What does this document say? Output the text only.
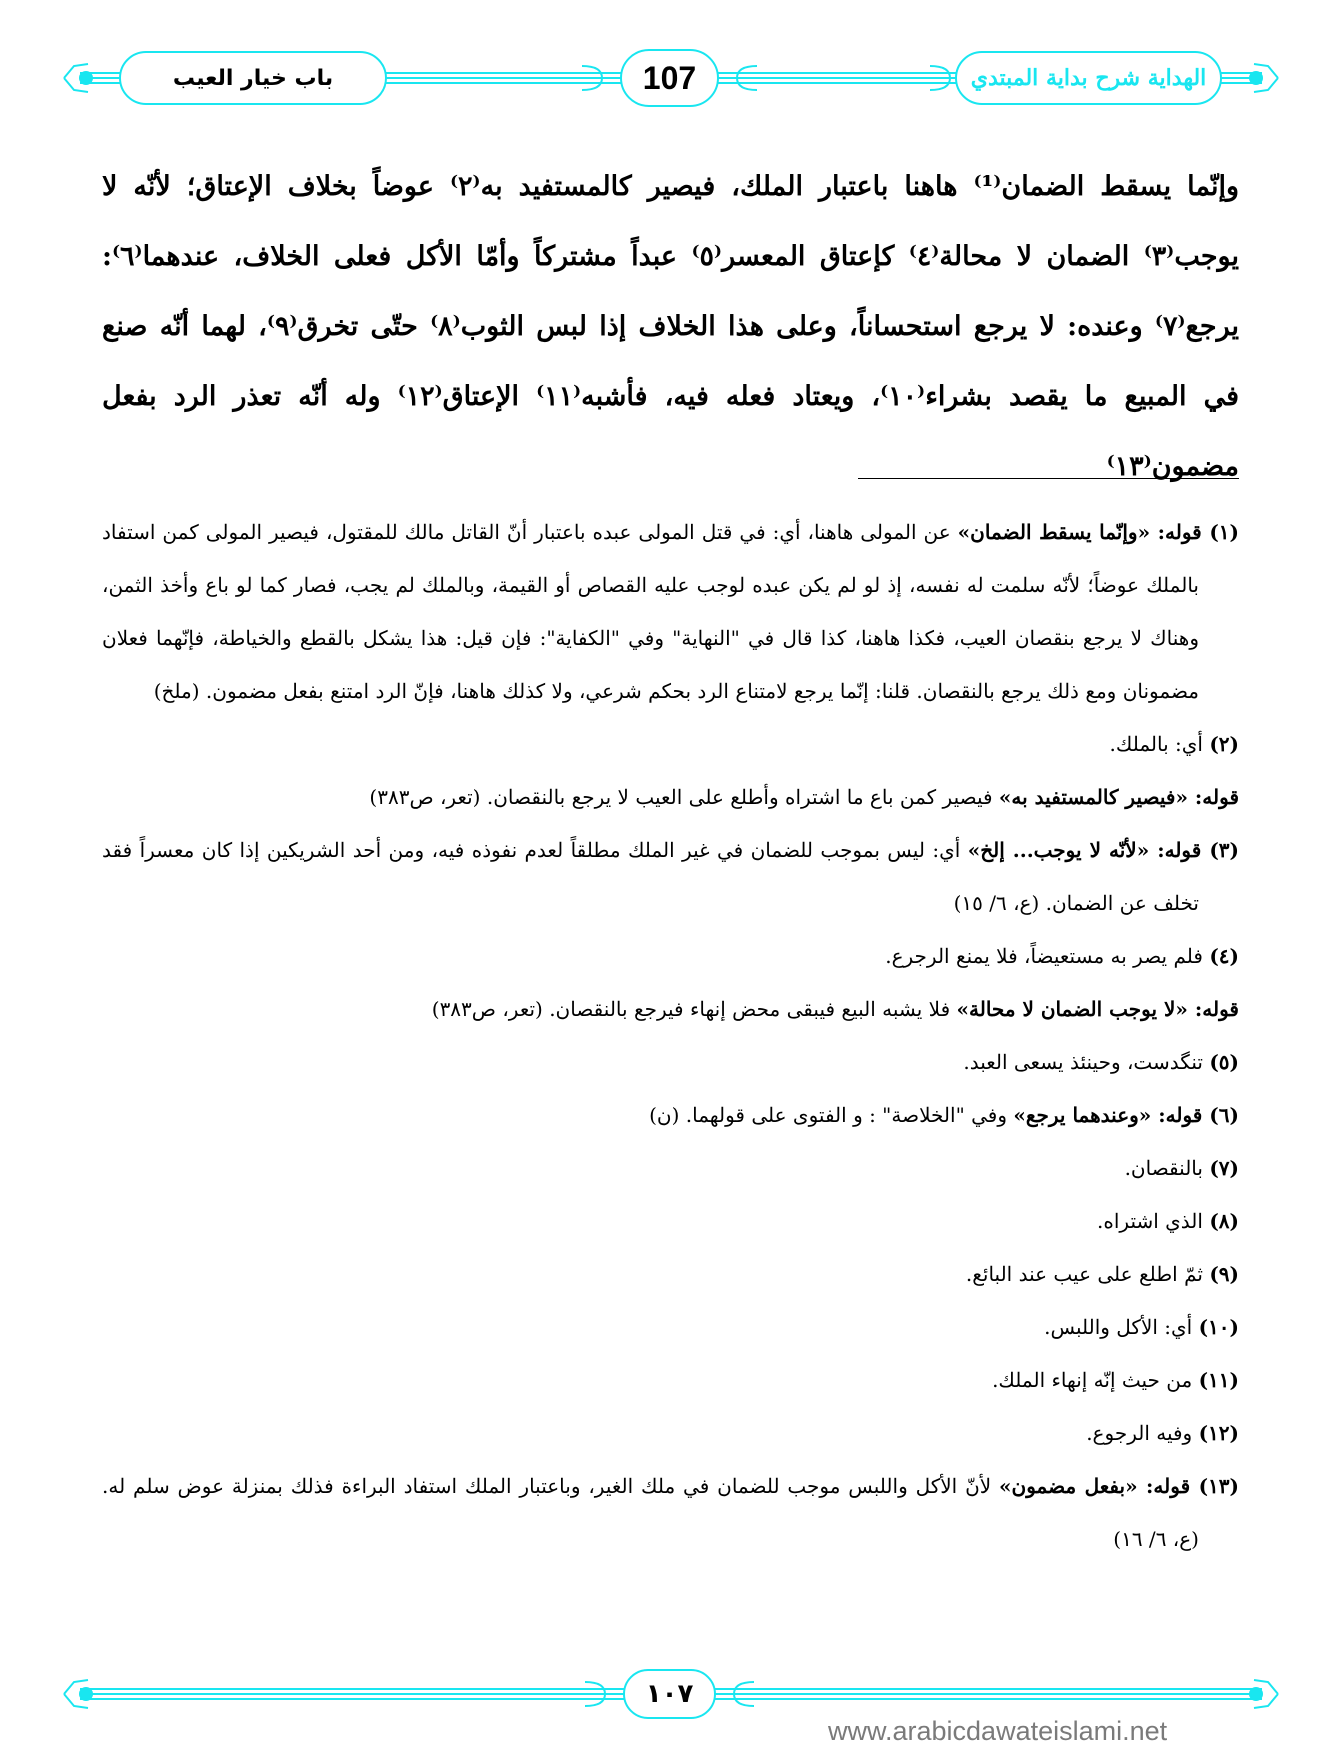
باب خيار العيب	107	الهداية شرح بداية المبتدي

وإنّما يسقط الضمان⁽¹⁾ هاهنا باعتبار الملك، فيصير كالمستفيد به⁽٢⁾ عوضاً بخلاف الإعتاق؛ لأنّه لا يوجب⁽٣⁾ الضمان لا محالة⁽٤⁾ كإعتاق المعسر⁽٥⁾ عبداً مشتركاً وأمّا الأكل فعلى الخلاف، عندهما⁽٦⁾: يرجع⁽٧⁾ وعنده: لا يرجع استحساناً، وعلى هذا الخلاف إذا لبس الثوب⁽٨⁾ حتّى تخرق⁽٩⁾، لهما أنّه صنع في المبيع ما يقصد بشراء⁽١٠⁾، ويعتاد فعله فيه، فأشبه⁽١١⁾ الإعتاق⁽١٢⁾ وله أنّه تعذر الرد بفعل مضمون⁽١٣⁾

(١) قوله: «وإنّما يسقط الضمان» عن المولى هاهنا، أي: في قتل المولى عبده باعتبار أنّ القاتل مالك للمقتول، فيصير المولى كمن استفاد بالملك عوضاً؛ لأنّه سلمت له نفسه، إذ لو لم يكن عبده لوجب عليه القصاص أو القيمة، وبالملك لم يجب، فصار كما لو باع وأخذ الثمن، وهناك لا يرجع بنقصان العيب، فكذا هاهنا، كذا قال في "النهاية" وفي "الكفاية": فإن قيل: هذا يشكل بالقطع والخياطة، فإنّهما فعلان مضمونان ومع ذلك يرجع بالنقصان. قلنا: إنّما يرجع لامتناع الرد بحكم شرعي، ولا كذلك هاهنا، فإنّ الرد امتنع بفعل مضمون. (ملخ)

(٢) أي: بالملك.

قوله: «فيصير كالمستفيد به» فيصير كمن باع ما اشتراه وأطلع على العيب لا يرجع بالنقصان. (تعر، ص٣٨٣)

(٣) قوله: «لأنّه لا يوجب... إلخ» أي: ليس بموجب للضمان في غير الملك مطلقاً لعدم نفوذه فيه، ومن أحد الشريكين إذا كان معسراً فقد تخلف عن الضمان. (ع، ٦/ ١٥)

(٤) فلم يصر به مستعيضاً، فلا يمنع الرجرع.

قوله: «لا يوجب الضمان لا محالة» فلا يشبه البيع فيبقى محض إنهاء فيرجع بالنقصان. (تعر، ص٣٨٣)

(٥) تنگدست، وحينئذ يسعى العبد.

(٦) قوله: «وعندهما يرجع» وفي "الخلاصة" : و الفتوى على قولهما. (ن)

(٧) بالنقصان.

(٨) الذي اشتراه.

(٩) ثمّ اطلع على عيب عند البائع.

(١٠) أي: الأكل واللبس.

(١١) من حيث إنّه إنهاء الملك.

(١٢) وفيه الرجوع.

(١٣) قوله: «بفعل مضمون» لأنّ الأكل واللبس موجب للضمان في ملك الغير، وباعتبار الملك استفاد البراءة فذلك بمنزلة عوض سلم له. (ع، ٦/ ١٦)

١٠٧
www.arabicdawateislami.net
